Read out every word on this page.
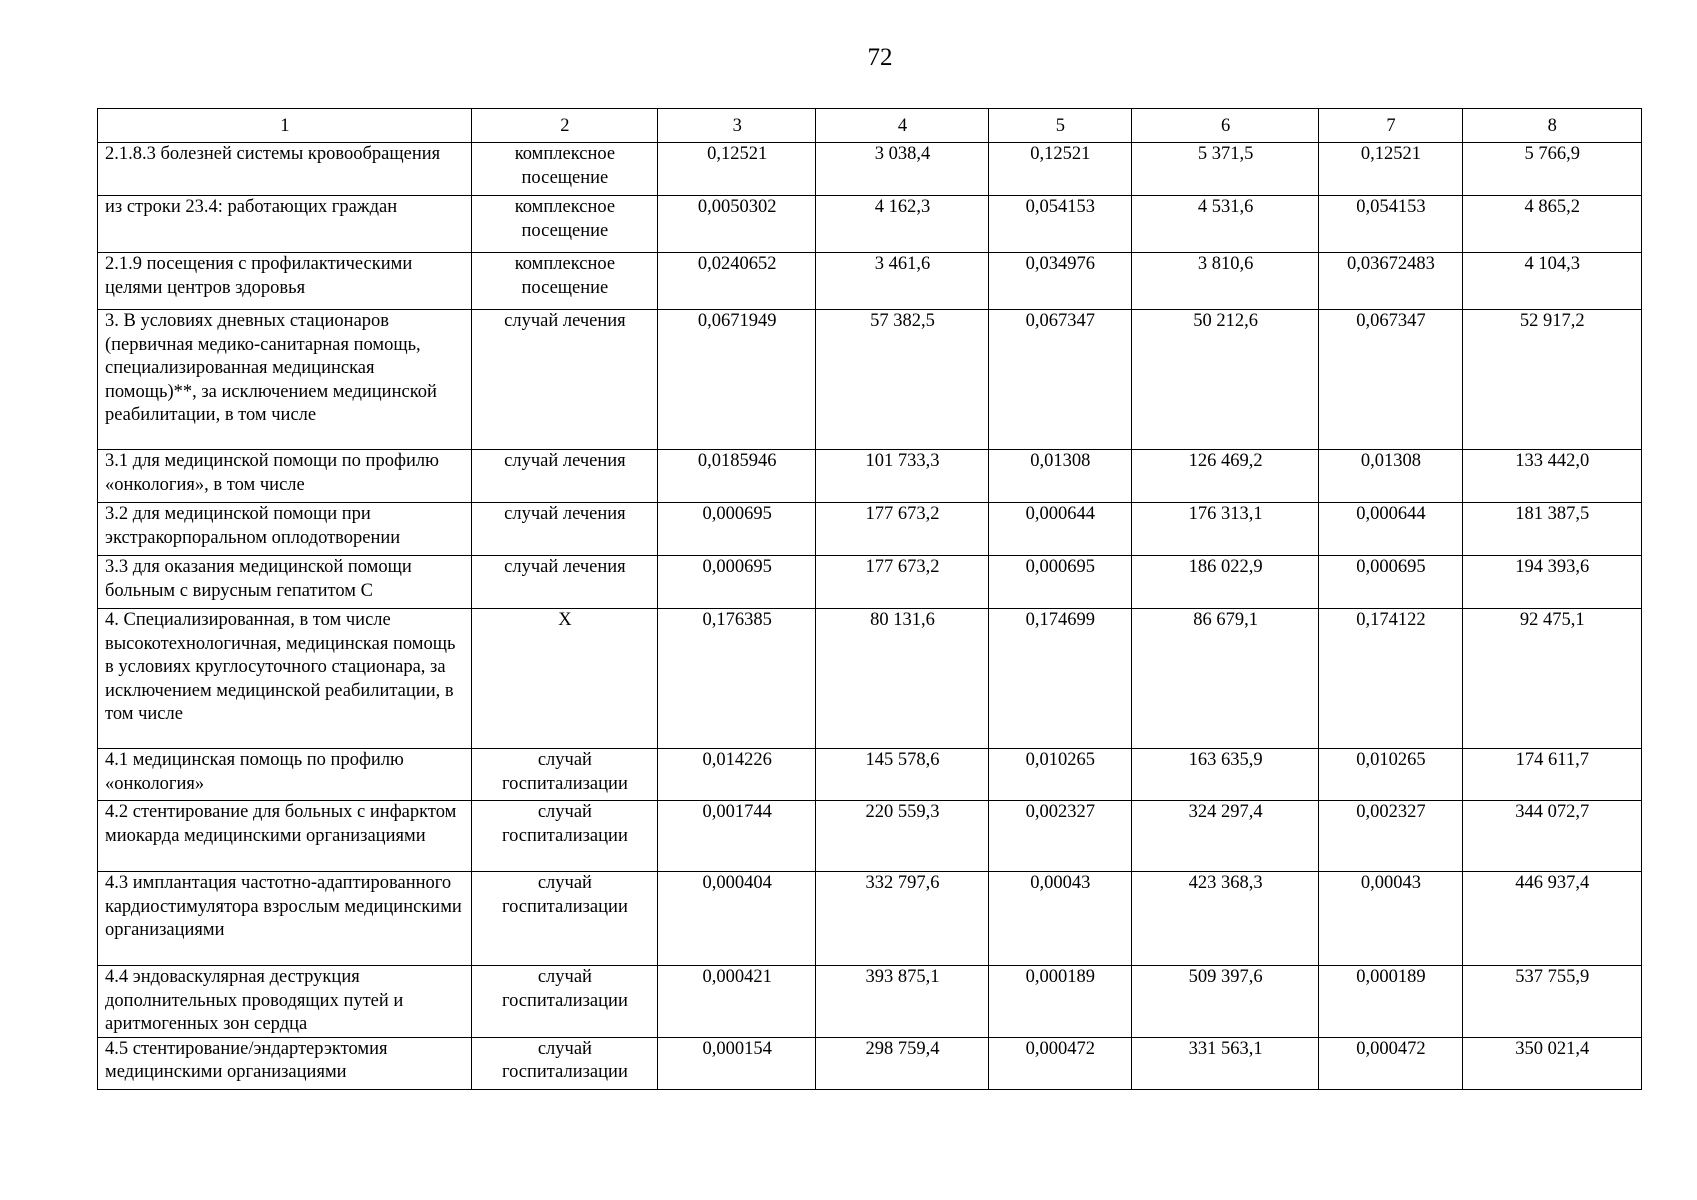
72
1	2	3	4	5	6	7	8
2.1.8.3 болезней системы кровообращения	комплексное посещение	0,12521	3 038,4	0,12521	5 371,5	0,12521	5 766,9
из строки 23.4: работающих граждан	комплексное посещение	0,0050302	4 162,3	0,054153	4 531,6	0,054153	4 865,2
2.1.9 посещения с профилактическими целями центров здоровья	комплексное посещение	0,0240652	3 461,6	0,034976	3 810,6	0,03672483	4 104,3
3. В условиях дневных стационаров (первичная медико-санитарная помощь, специализированная медицинская помощь)**, за исключением медицинской реабилитации, в том числе	случай лечения	0,0671949	57 382,5	0,067347	50 212,6	0,067347	52 917,2
3.1 для медицинской помощи по профилю «онкология», в том числе	случай лечения	0,0185946	101 733,3	0,01308	126 469,2	0,01308	133 442,0
3.2 для медицинской помощи при экстракорпоральном оплодотворении	случай лечения	0,000695	177 673,2	0,000644	176 313,1	0,000644	181 387,5
3.3 для оказания медицинской помощи больным с вирусным гепатитом С	случай лечения	0,000695	177 673,2	0,000695	186 022,9	0,000695	194 393,6
4. Специализированная, в том числе высокотехнологичная, медицинская помощь в условиях круглосуточного стационара, за исключением медицинской реабилитации, в том числе	Х	0,176385	80 131,6	0,174699	86 679,1	0,174122	92 475,1
4.1 медицинская помощь по профилю «онкология»	случай госпитализации	0,014226	145 578,6	0,010265	163 635,9	0,010265	174 611,7
4.2 стентирование для больных с инфарктом миокарда медицинскими организациями	случай госпитализации	0,001744	220 559,3	0,002327	324 297,4	0,002327	344 072,7
4.3 имплантация частотно-адаптированного кардиостимулятора взрослым медицинскими организациями	случай госпитализации	0,000404	332 797,6	0,00043	423 368,3	0,00043	446 937,4
4.4 эндоваскулярная деструкция дополнительных проводящих путей и аритмогенных зон сердца	случай госпитализации	0,000421	393 875,1	0,000189	509 397,6	0,000189	537 755,9
4.5 стентирование/эндартерэктомия медицинскими организациями	случай госпитализации	0,000154	298 759,4	0,000472	331 563,1	0,000472	350 021,4
